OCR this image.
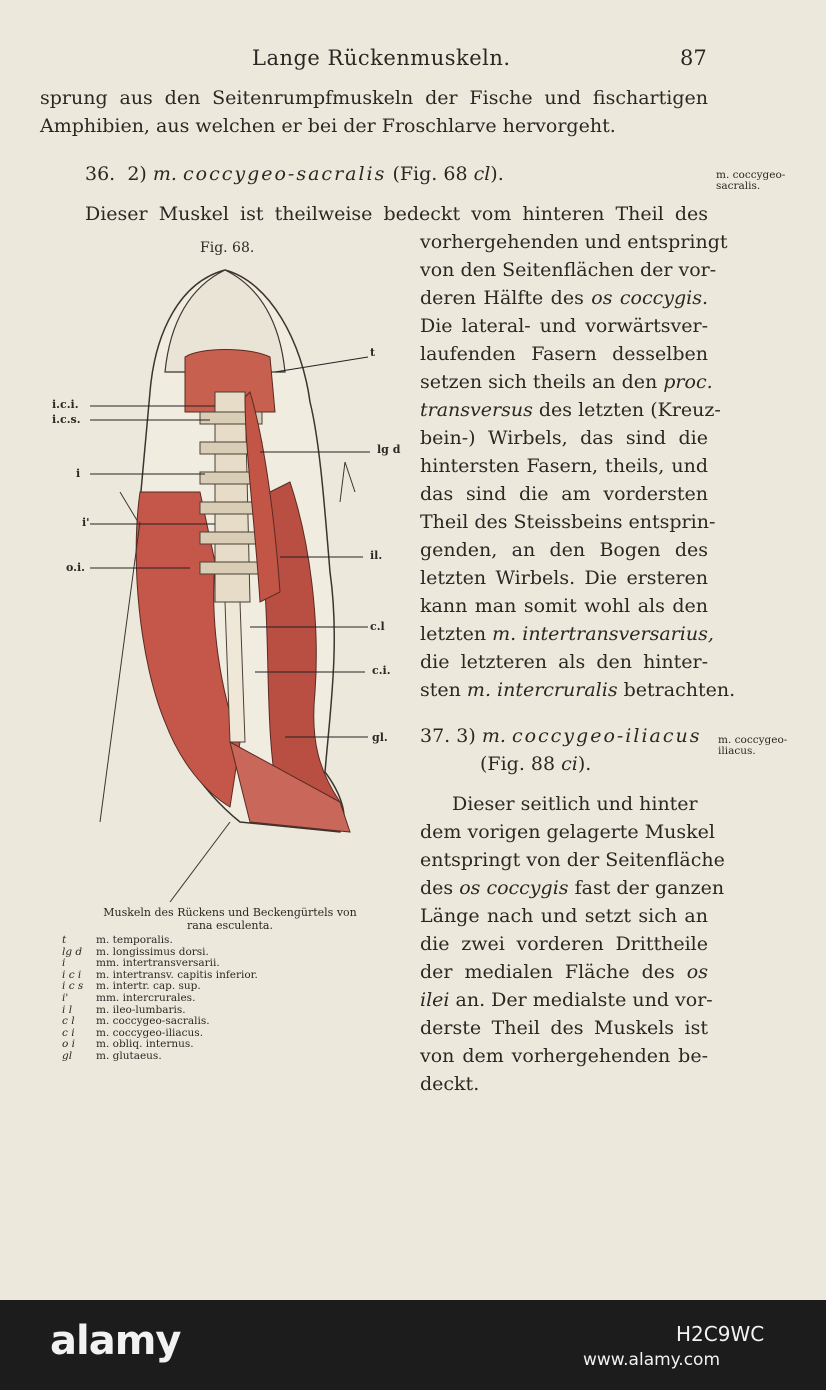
Lange Rückenmuskeln.	87
sprung aus den Seitenrumpfmuskeln der Fische und fischartigen
Amphibien, aus welchen er bei der Froschlarve hervorgeht.
36. 2) m. coccygeo-sacralis (Fig. 68 cl).	m. coccygeo-
sacralis.
Dieser Muskel ist theilweise bedeckt vom hinteren Theil des
vorhergehenden und entspringt
von den Seitenflächen der vor-
deren Hälfte des os coccygis.
Die lateral- und vorwärtsver-
laufenden Fasern desselben
setzen sich theils an den proc.
transversus des letzten (Kreuz-
bein-) Wirbels, das sind die
hintersten Fasern, theils, und
das sind die am vordersten
Theil des Steissbeins entsprin-
genden, an den Bogen des
letzten Wirbels. Die ersteren
kann man somit wohl als den
letzten m. intertransversarius,
die letzteren als den hinter-
sten m. intercruralis betrachten.
37. 3) m. coccygeo-iliacus
(Fig. 88 ci).
m. coccygeo-
iliacus.
Dieser seitlich und hinter
dem vorigen gelagerte Muskel
entspringt von der Seitenfläche
des os coccygis fast der ganzen
Länge nach und setzt sich an
die zwei vorderen Drittheile
der medialen Fläche des os
ilei an. Der medialste und vor-
derste Theil des Muskels ist
von dem vorhergehenden be-
deckt.
Fig. 68.
i.c.i.
i.c.s.
i
i'
o.i.
t
lg d
il.
c.l
c.i.
gl.
Muskeln des Rückens und Beckengürtels von
rana esculenta.
t	m. temporalis.
lg d m. longissimus dorsi.
i	mm. intertransversarii.
i c i m. intertransv. capitis inferior.
i c s m. intertr. cap. sup.
i'	mm. intercrurales.
i l m. ileo-lumbaris.
c l m. coccygeo-sacralis.
c i m. coccygeo-iliacus.
o i m. obliq. internus.
gl m. glutaeus.
alamy	H2C9WC
www.alamy.com
